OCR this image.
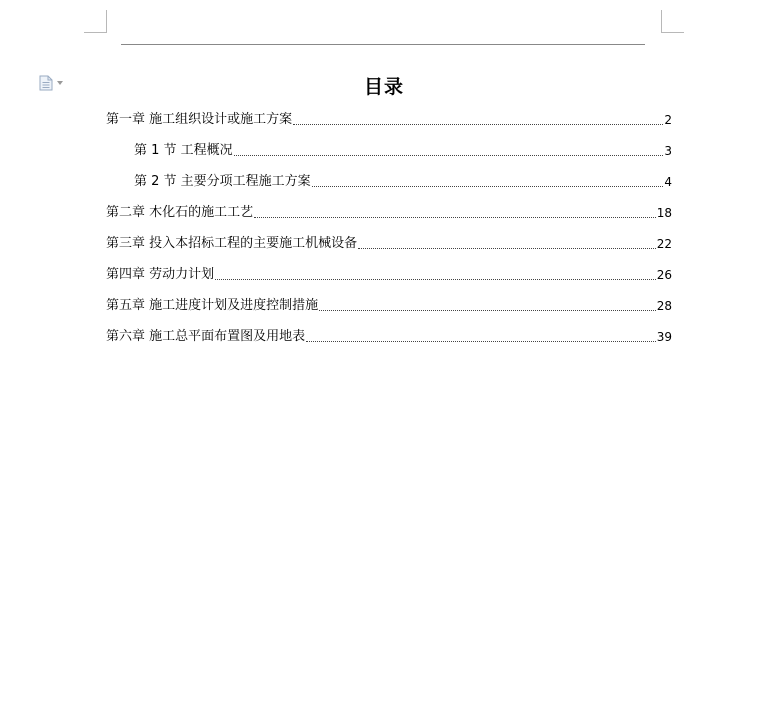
目录
第一章 施工组织设计或施工方案	2
第 1 节 工程概况	3
第 2 节 主要分项工程施工方案	4
第二章 木化石的施工工艺	18
第三章 投入本招标工程的主要施工机械设备	22
第四章 劳动力计划	26
第五章 施工进度计划及进度控制措施	28
第六章 施工总平面布置图及用地表	39
